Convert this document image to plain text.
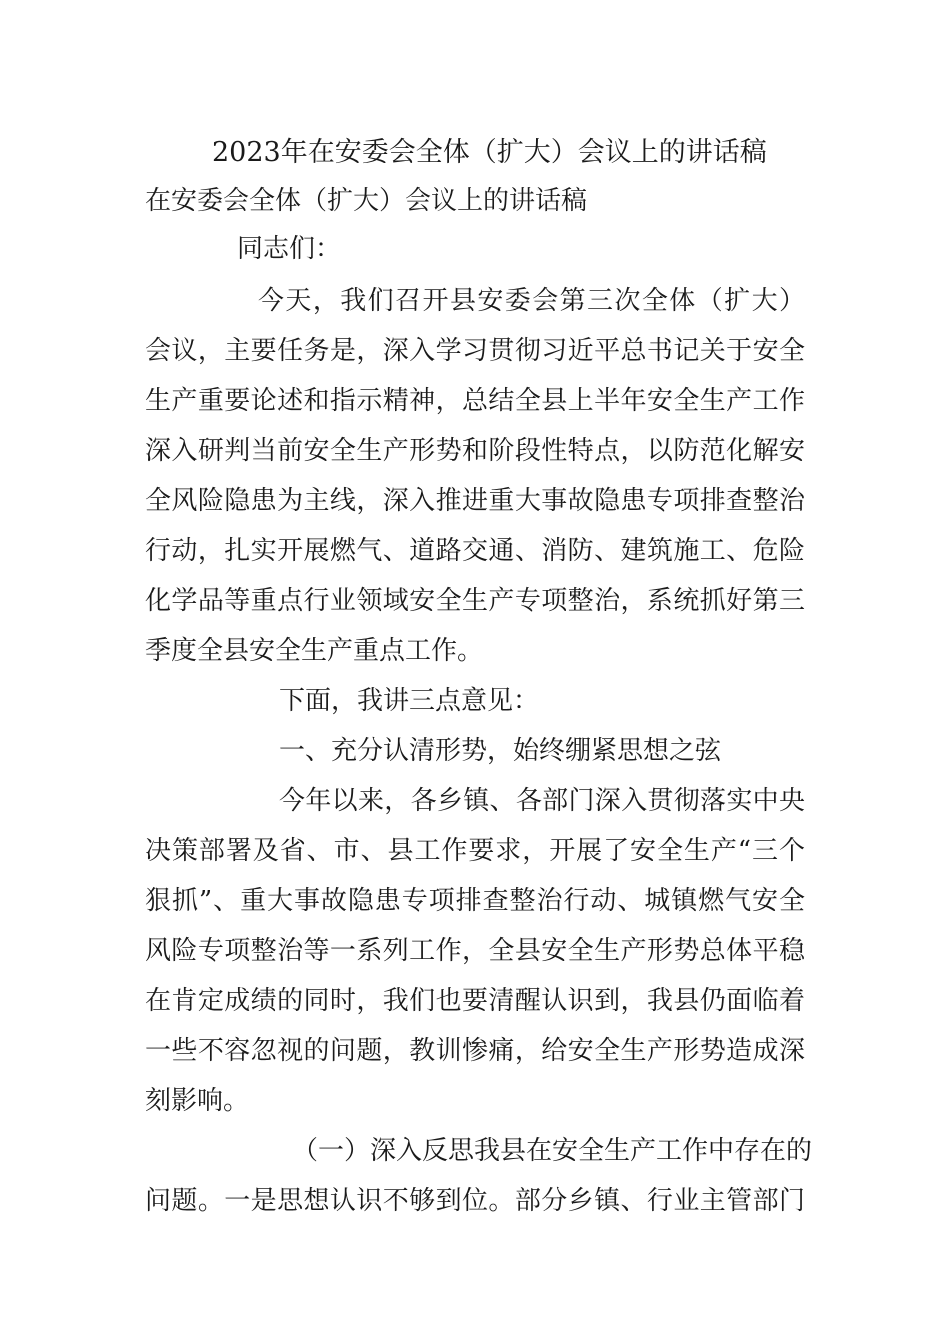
2023年在安委会全体（扩大）会议上的讲话稿
在安委会全体（扩大）会议上的讲话稿
同志们：
今天，我们召开县安委会第三次全体（扩大）
会议，主要任务是，深入学习贯彻习近平总书记关于安全
生产重要论述和指示精神，总结全县上半年安全生产工作
深入研判当前安全生产形势和阶段性特点，以防范化解安
全风险隐患为主线，深入推进重大事故隐患专项排查整治
行动，扎实开展燃气、道路交通、消防、建筑施工、危险
化学品等重点行业领域安全生产专项整治，系统抓好第三
季度全县安全生产重点工作。
下面，我讲三点意见：
一、充分认清形势，始终绷紧思想之弦
今年以来，各乡镇、各部门深入贯彻落实中央
决策部署及省、市、县工作要求，开展了安全生产“三个
狠抓”、重大事故隐患专项排查整治行动、城镇燃气安全
风险专项整治等一系列工作，全县安全生产形势总体平稳
在肯定成绩的同时，我们也要清醒认识到，我县仍面临着
一些不容忽视的问题，教训惨痛，给安全生产形势造成深
刻影响。
（一）深入反思我县在安全生产工作中存在的
问题。一是思想认识不够到位。部分乡镇、行业主管部门
